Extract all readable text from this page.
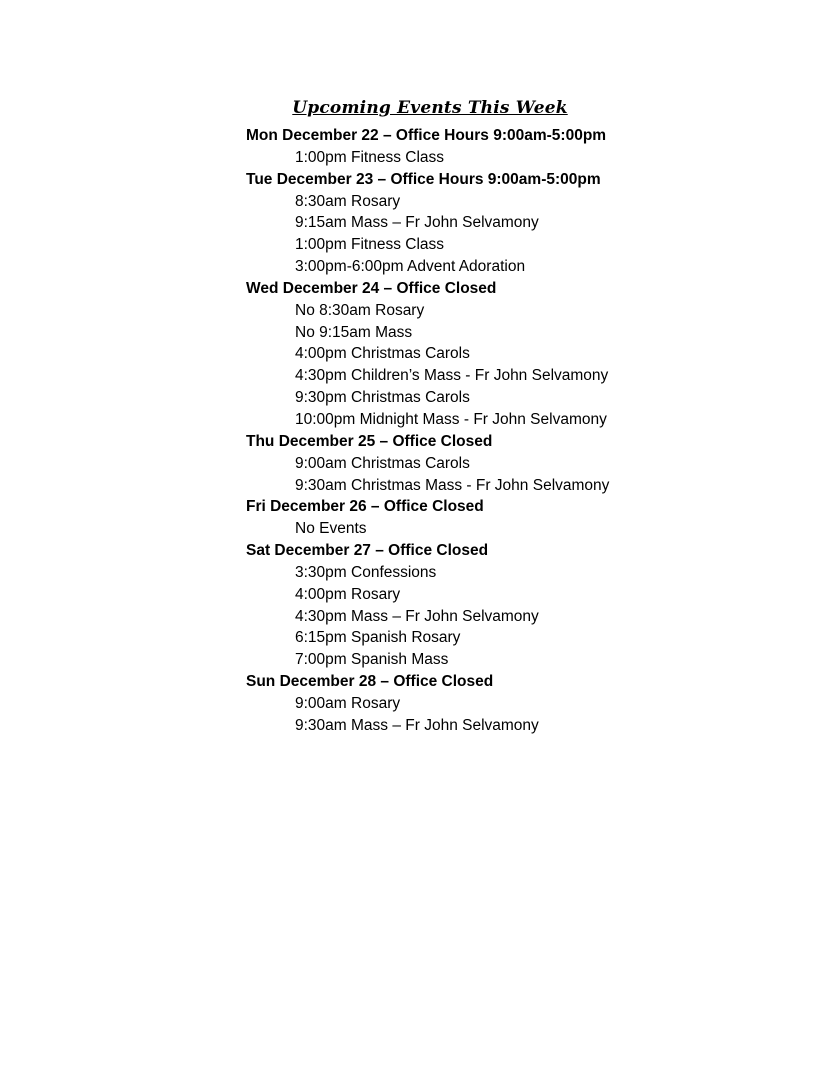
Upcoming Events This Week
Mon December 22 – Office Hours 9:00am-5:00pm
1:00pm Fitness Class
Tue December 23 – Office Hours 9:00am-5:00pm
8:30am Rosary
9:15am Mass – Fr John Selvamony
1:00pm Fitness Class
3:00pm-6:00pm Advent Adoration
Wed December 24 – Office Closed
No 8:30am Rosary
No 9:15am Mass
4:00pm Christmas Carols
4:30pm Children’s Mass - Fr John Selvamony
9:30pm Christmas Carols
10:00pm Midnight Mass - Fr John Selvamony
Thu December 25 – Office Closed
9:00am Christmas Carols
9:30am Christmas Mass - Fr John Selvamony
Fri December 26 – Office Closed
No Events
Sat December 27 – Office Closed
3:30pm Confessions
4:00pm Rosary
4:30pm Mass – Fr John Selvamony
6:15pm Spanish Rosary
7:00pm Spanish Mass
Sun December 28 – Office Closed
9:00am Rosary
9:30am Mass – Fr John Selvamony
